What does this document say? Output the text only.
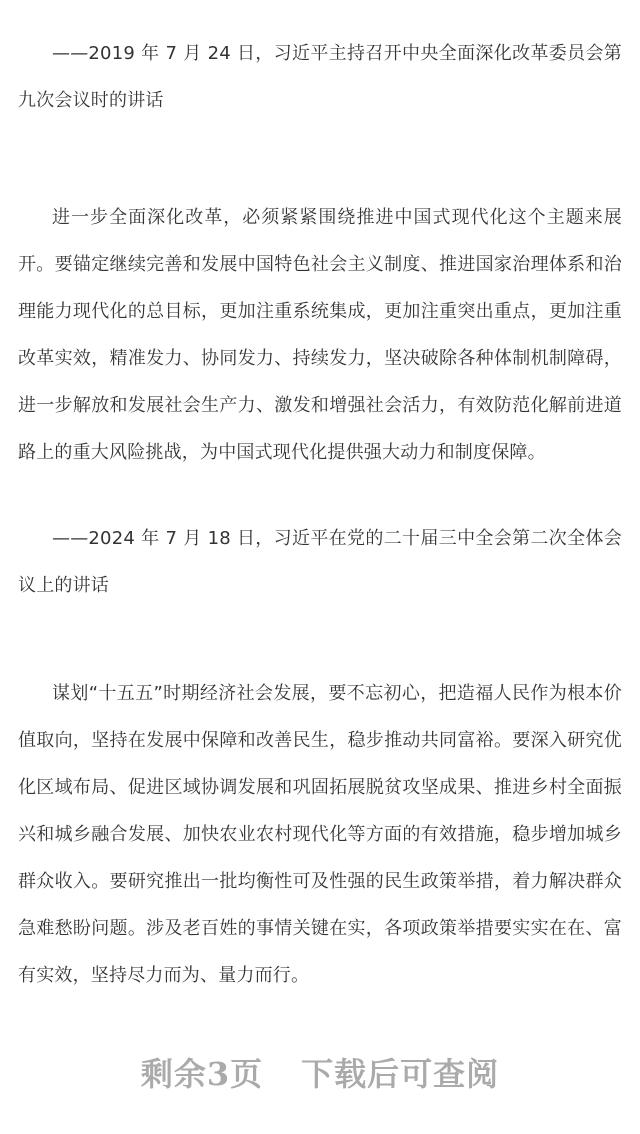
——2019 年 7 月 24 日，习近平主持召开中央全面深化改革委员会第九次会议时的讲话

进一步全面深化改革，必须紧紧围绕推进中国式现代化这个主题来展开。要锚定继续完善和发展中国特色社会主义制度、推进国家治理体系和治理能力现代化的总目标，更加注重系统集成，更加注重突出重点，更加注重改革实效，精准发力、协同发力、持续发力，坚决破除各种体制机制障碍，进一步解放和发展社会生产力、激发和增强社会活力，有效防范化解前进道路上的重大风险挑战，为中国式现代化提供强大动力和制度保障。

——2024 年 7 月 18 日，习近平在党的二十届三中全会第二次全体会议上的讲话

谋划“十五五”时期经济社会发展，要不忘初心，把造福人民作为根本价值取向，坚持在发展中保障和改善民生，稳步推动共同富裕。要深入研究优化区域布局、促进区域协调发展和巩固拓展脱贫攻坚成果、推进乡村全面振兴和城乡融合发展、加快农业农村现代化等方面的有效措施，稳步增加城乡群众收入。要研究推出一批均衡性可及性强的民生政策举措，着力解决群众急难愁盼问题。涉及老百姓的事情关键在实，各项政策举措要实实在在、富有实效，坚持尽力而为、量力而行。

剩余3页 下载后可查阅
